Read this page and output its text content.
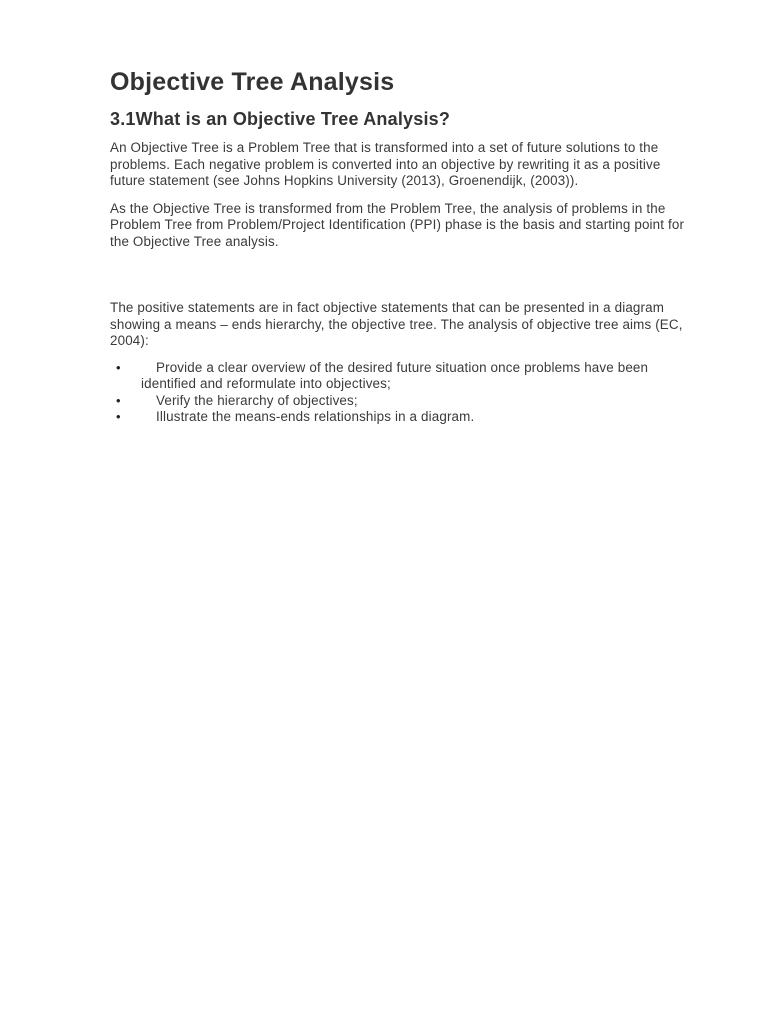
Objective Tree Analysis
3.1What is an Objective Tree Analysis?

An Objective Tree is a Problem Tree that is transformed into a set of future solutions to the problems. Each negative problem is converted into an objective by rewriting it as a positive future statement (see Johns Hopkins University (2013), Groenendijk, (2003)).

As the Objective Tree is transformed from the Problem Tree, the analysis of problems in the Problem Tree from Problem/Project Identification (PPI) phase is the basis and starting point for the Objective Tree analysis.

The positive statements are in fact objective statements that can be presented in a diagram showing a means – ends hierarchy, the objective tree. The analysis of objective tree aims (EC, 2004):

•	Provide a clear overview of the desired future situation once problems have been identified and reformulate into objectives;
•	Verify the hierarchy of objectives;
•	Illustrate the means-ends relationships in a diagram.
